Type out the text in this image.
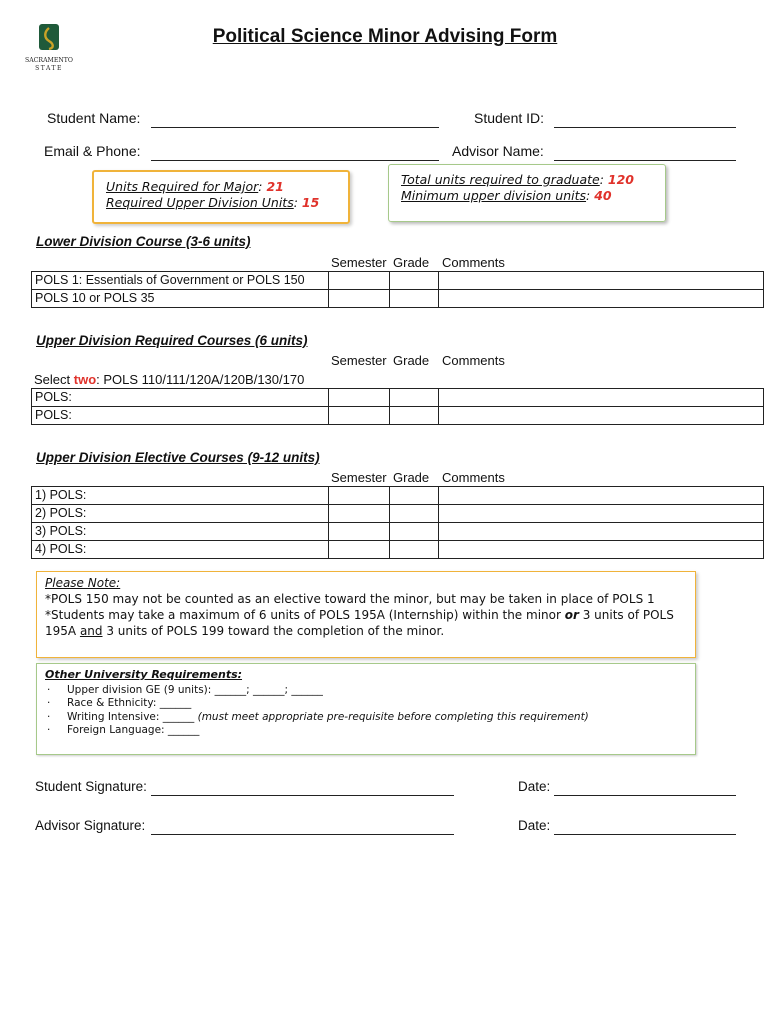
SACRAMENTO
STATE
Political Science Minor Advising Form
Student Name:	Student ID:
Email & Phone:	Advisor Name:
Units Required for Major: 21
Required Upper Division Units: 15
Total units required to graduate: 120
Minimum upper division units: 40
Lower Division Course (3-6 units)
Semester Grade Comments
POLS 1: Essentials of Government or POLS 150			
POLS 10 or POLS 35			
Upper Division Required Courses (6 units)
Semester Grade Comments
Select two: POLS 110/111/120A/120B/130/170
POLS:			
POLS:			
Upper Division Elective Courses (9-12 units)
Semester Grade Comments
1) POLS:			
2) POLS:			
3) POLS:			
4) POLS:			
Please Note:
*POLS 150 may not be counted as an elective toward the minor, but may be taken in place of POLS 1
*Students may take a maximum of 6 units of POLS 195A (Internship) within the minor or 3 units of POLS
195A and 3 units of POLS 199 toward the completion of the minor.
Other University Requirements:
· Upper division GE (9 units): ______; ______; ______
· Race & Ethnicity: ______
· Writing Intensive: ______ (must meet appropriate pre-requisite before completing this requirement)
· Foreign Language: ______
Student Signature:	Date:
Advisor Signature:	Date:
